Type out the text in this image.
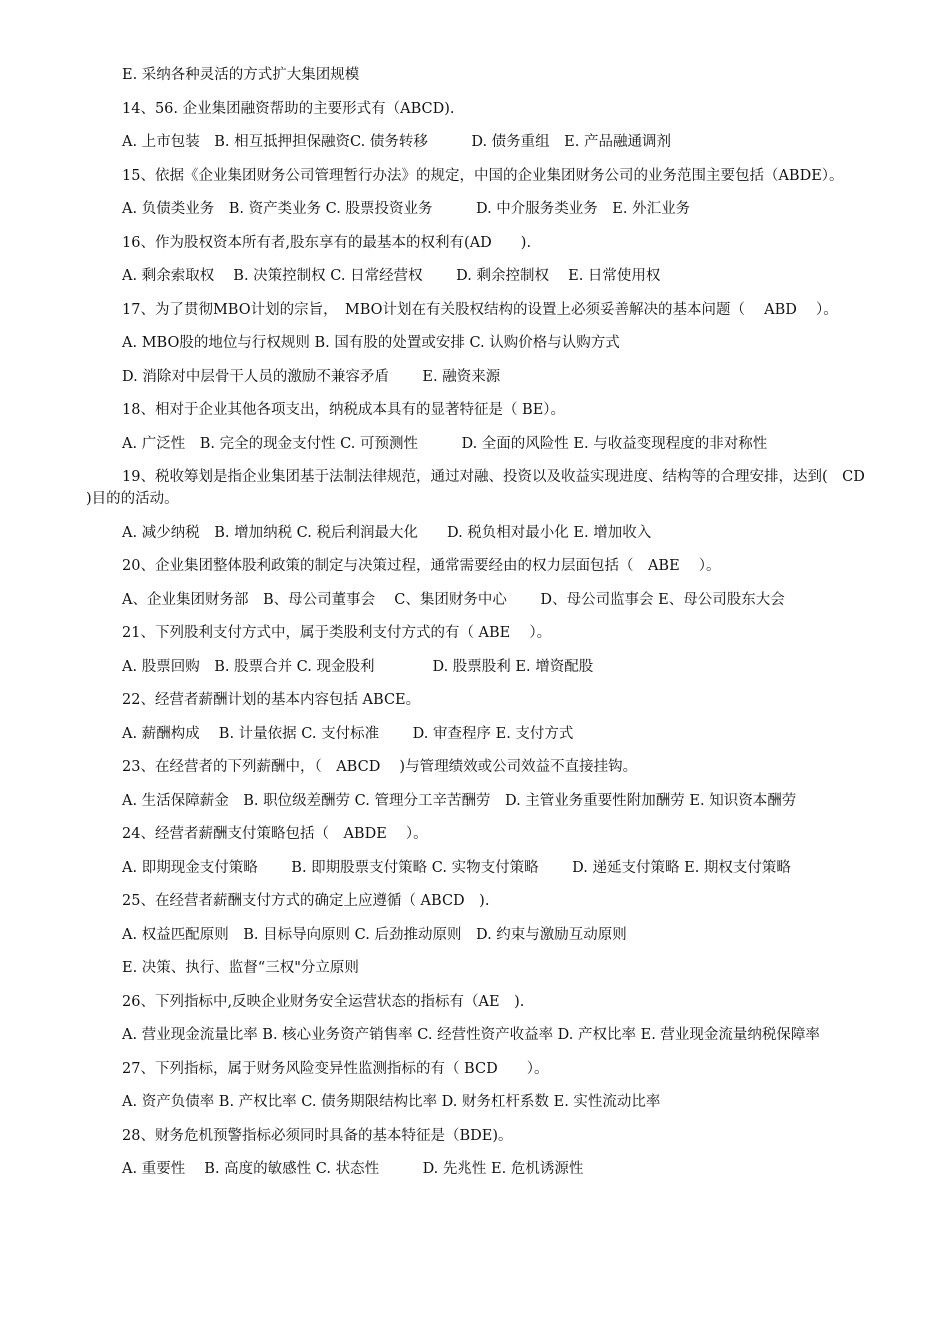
E. 采纳各种灵活的方式扩大集团规模

14、56. 企业集团融资帮助的主要形式有（ABCD).

A. 上市包装　B. 相互抵押担保融资C. 债务转移　　　D. 债务重组　E. 产品融通调剂

15、依据《企业集团财务公司管理暂行办法》的规定，中国的企业集团财务公司的业务范围主要包括（ABDE）。

A. 负债类业务　B. 资产类业务 C. 股票投资业务　　　D. 中介服务类业务　E. 外汇业务

16、作为股权资本所有者,股东享有的最基本的权利有(AD　　).

A. 剩余索取权　 B. 决策控制权 C. 日常经营权　　 D. 剩余控制权　 E. 日常使用权

17、为了贯彻MBO计划的宗旨，　MBO计划在有关股权结构的设置上必须妥善解决的基本问题（　 ABD　 ）。

A. MBO股的地位与行权规则 B. 国有股的处置或安排 C. 认购价格与认购方式

D. 消除对中层骨干人员的激励不兼容矛盾　　 E. 融资来源

18、相对于企业其他各项支出，纳税成本具有的显著特征是（ BE）。

A. 广泛性　B. 完全的现金支付性 C. 可预测性　　　D. 全面的风险性 E. 与收益变现程度的非对称性

19、税收筹划是指企业集团基于法制法律规范，通过对融、投资以及收益实现进度、结构等的合理安排，达到(　CD　)目的的活动。

A. 减少纳税　B. 增加纳税 C. 税后利润最大化　　D. 税负相对最小化 E. 增加收入

20、企业集团整体股利政策的制定与决策过程，通常需要经由的权力层面包括（　ABE　 ）。

A、企业集团财务部　B、母公司董事会　 C、集团财务中心　　 D、母公司监事会 E、母公司股东大会

21、下列股利支付方式中，属于类股利支付方式的有（ ABE　 ）。

A. 股票回购　B. 股票合并 C. 现金股利　　　　D. 股票股利 E. 增资配股

22、经营者薪酬计划的基本内容包括 ABCE。

A. 薪酬构成　 B. 计量依据 C. 支付标准　　 D. 审查程序 E. 支付方式

23、在经营者的下列薪酬中，（　ABCD　 )与管理绩效或公司效益不直接挂钩。

A. 生活保障薪金　B. 职位级差酬劳 C. 管理分工辛苦酬劳　D. 主管业务重要性附加酬劳 E. 知识资本酬劳

24、经营者薪酬支付策略包括（　ABDE　 ）。

A. 即期现金支付策略　　 B. 即期股票支付策略 C. 实物支付策略　　 D. 递延支付策略 E. 期权支付策略

25、在经营者薪酬支付方式的确定上应遵循（ ABCD　).

A. 权益匹配原则　B. 目标导向原则 C. 后劲推动原则　D. 约束与激励互动原则

E. 决策、执行、监督“三权"分立原则

26、下列指标中,反映企业财务安全运营状态的指标有（AE　).

A. 营业现金流量比率 B. 核心业务资产销售率 C. 经营性资产收益率 D. 产权比率 E. 营业现金流量纳税保障率

27、下列指标，属于财务风险变异性监测指标的有（ BCD　　）。

A. 资产负债率 B. 产权比率 C. 债务期限结构比率 D. 财务杠杆系数 E. 实性流动比率

28、财务危机预警指标必须同时具备的基本特征是（BDE)。

A. 重要性　 B. 高度的敏感性 C. 状态性　　　D. 先兆性 E. 危机诱源性
